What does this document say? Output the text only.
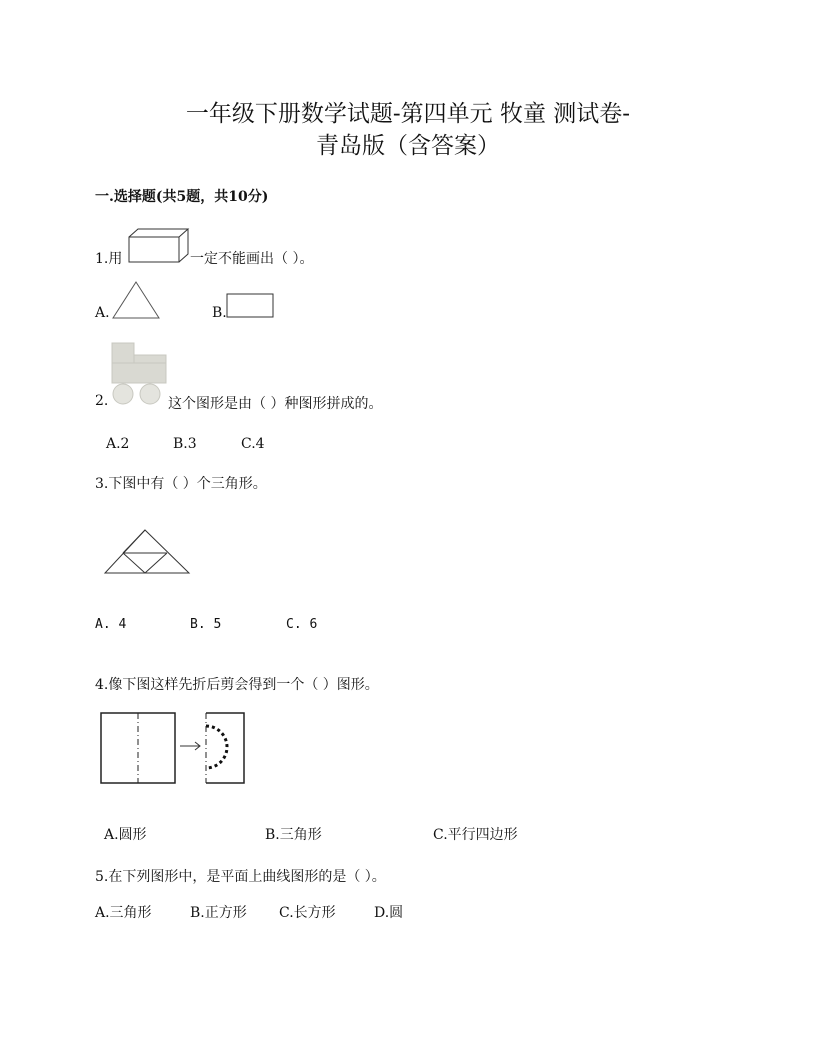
一年级下册数学试题-第四单元 牧童 测试卷-
青岛版（含答案）
一.选择题(共5题，共10分)
1.用	一定不能画出（ ）。
A.	B.
2.	这个图形是由（ ）种图形拼成的。
A.2	B.3	C.4
3.下图中有（ ）个三角形。
A. 4	B. 5	C. 6
4.像下图这样先折后剪会得到一个（ ）图形。
A.圆形	B.三角形	C.平行四边形
5.在下列图形中，是平面上曲线图形的是（ ）。
A.三角形	B.正方形 C.长方形	D.圆
